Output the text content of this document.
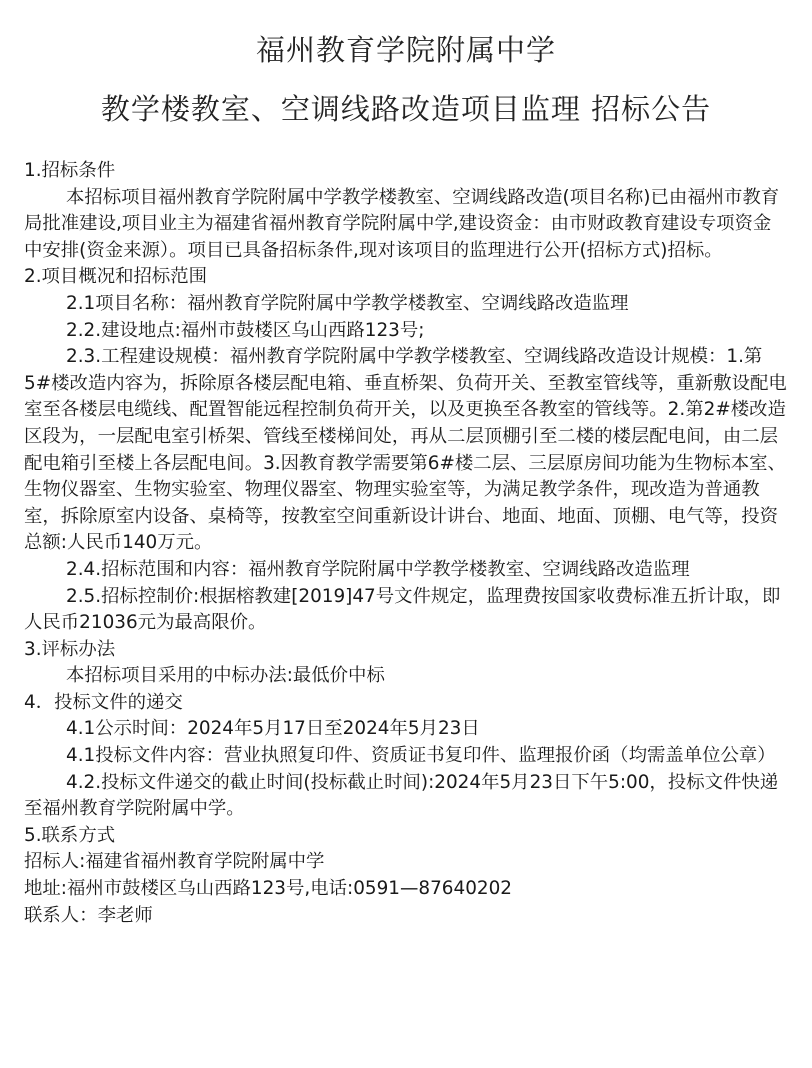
福州教育学院附属中学
教学楼教室、空调线路改造项目监理 招标公告

1.招标条件

本招标项目福州教育学院附属中学教学楼教室、空调线路改造(项目名称)已由福州市教育局批准建设,项目业主为福建省福州教育学院附属中学,建设资金：由市财政教育建设专项资金中安排(资金来源）。项目已具备招标条件,现对该项目的监理进行公开(招标方式)招标。

2.项目概况和招标范围

2.1项目名称：福州教育学院附属中学教学楼教室、空调线路改造监理

2.2.建设地点:福州市鼓楼区乌山西路123号;

2.3.工程建设规模：福州教育学院附属中学教学楼教室、空调线路改造设计规模：1.第5#楼改造内容为，拆除原各楼层配电箱、垂直桥架、负荷开关、至教室管线等，重新敷设配电室至各楼层电缆线、配置智能远程控制负荷开关，以及更换至各教室的管线等。2.第2#楼改造区段为，一层配电室引桥架、管线至楼梯间处，再从二层顶棚引至二楼的楼层配电间，由二层配电箱引至楼上各层配电间。3.因教育教学需要第6#楼二层、三层原房间功能为生物标本室、生物仪器室、生物实验室、物理仪器室、物理实验室等，为满足教学条件，现改造为普通教室，拆除原室内设备、桌椅等，按教室空间重新设计讲台、地面、地面、顶棚、电气等，投资总额:人民币140万元。

2.4.招标范围和内容：福州教育学院附属中学教学楼教室、空调线路改造监理

2.5.招标控制价:根据榕教建[2019]47号文件规定，监理费按国家收费标准五折计取，即人民币21036元为最高限价。

3.评标办法

本招标项目采用的中标办法:最低价中标

4．投标文件的递交

4.1公示时间：2024年5月17日至2024年5月23日

4.1投标文件内容：营业执照复印件、资质证书复印件、监理报价函（均需盖单位公章）

4.2.投标文件递交的截止时间(投标截止时间):2024年5月23日下午5:00，投标文件快递至福州教育学院附属中学。

5.联系方式

招标人:福建省福州教育学院附属中学

地址:福州市鼓楼区乌山西路123号,电话:0591—87640202

联系人：李老师
